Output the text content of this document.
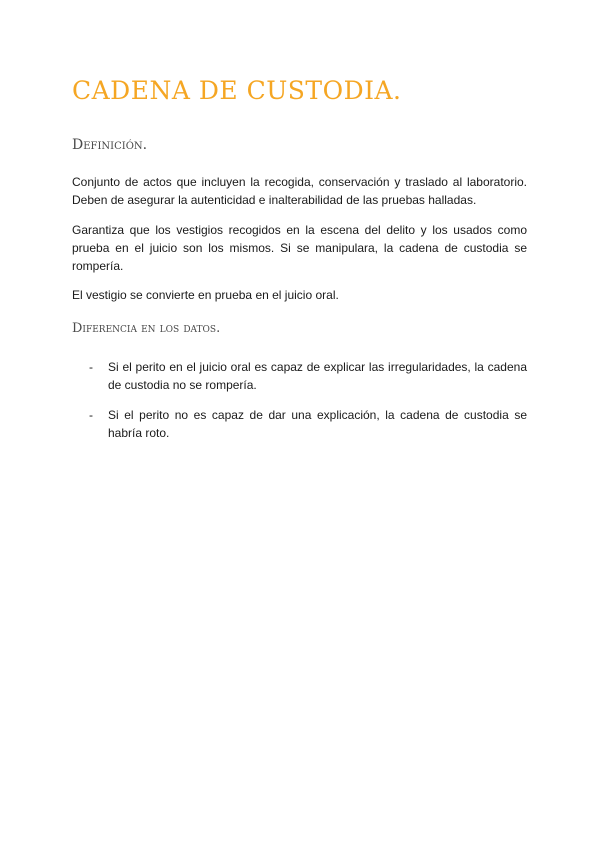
CADENA DE CUSTODIA.
Definición.

Conjunto de actos que incluyen la recogida, conservación y traslado al laboratorio. Deben de asegurar la autenticidad e inalterabilidad de las pruebas halladas.

Garantiza que los vestigios recogidos en la escena del delito y los usados como prueba en el juicio son los mismos. Si se manipulara, la cadena de custodia se rompería.

El vestigio se convierte en prueba en el juicio oral.

Diferencia en los datos.
- Si el perito en el juicio oral es capaz de explicar las irregularidades, la cadena de custodia no se rompería.
- Si el perito no es capaz de dar una explicación, la cadena de custodia se habría roto.
